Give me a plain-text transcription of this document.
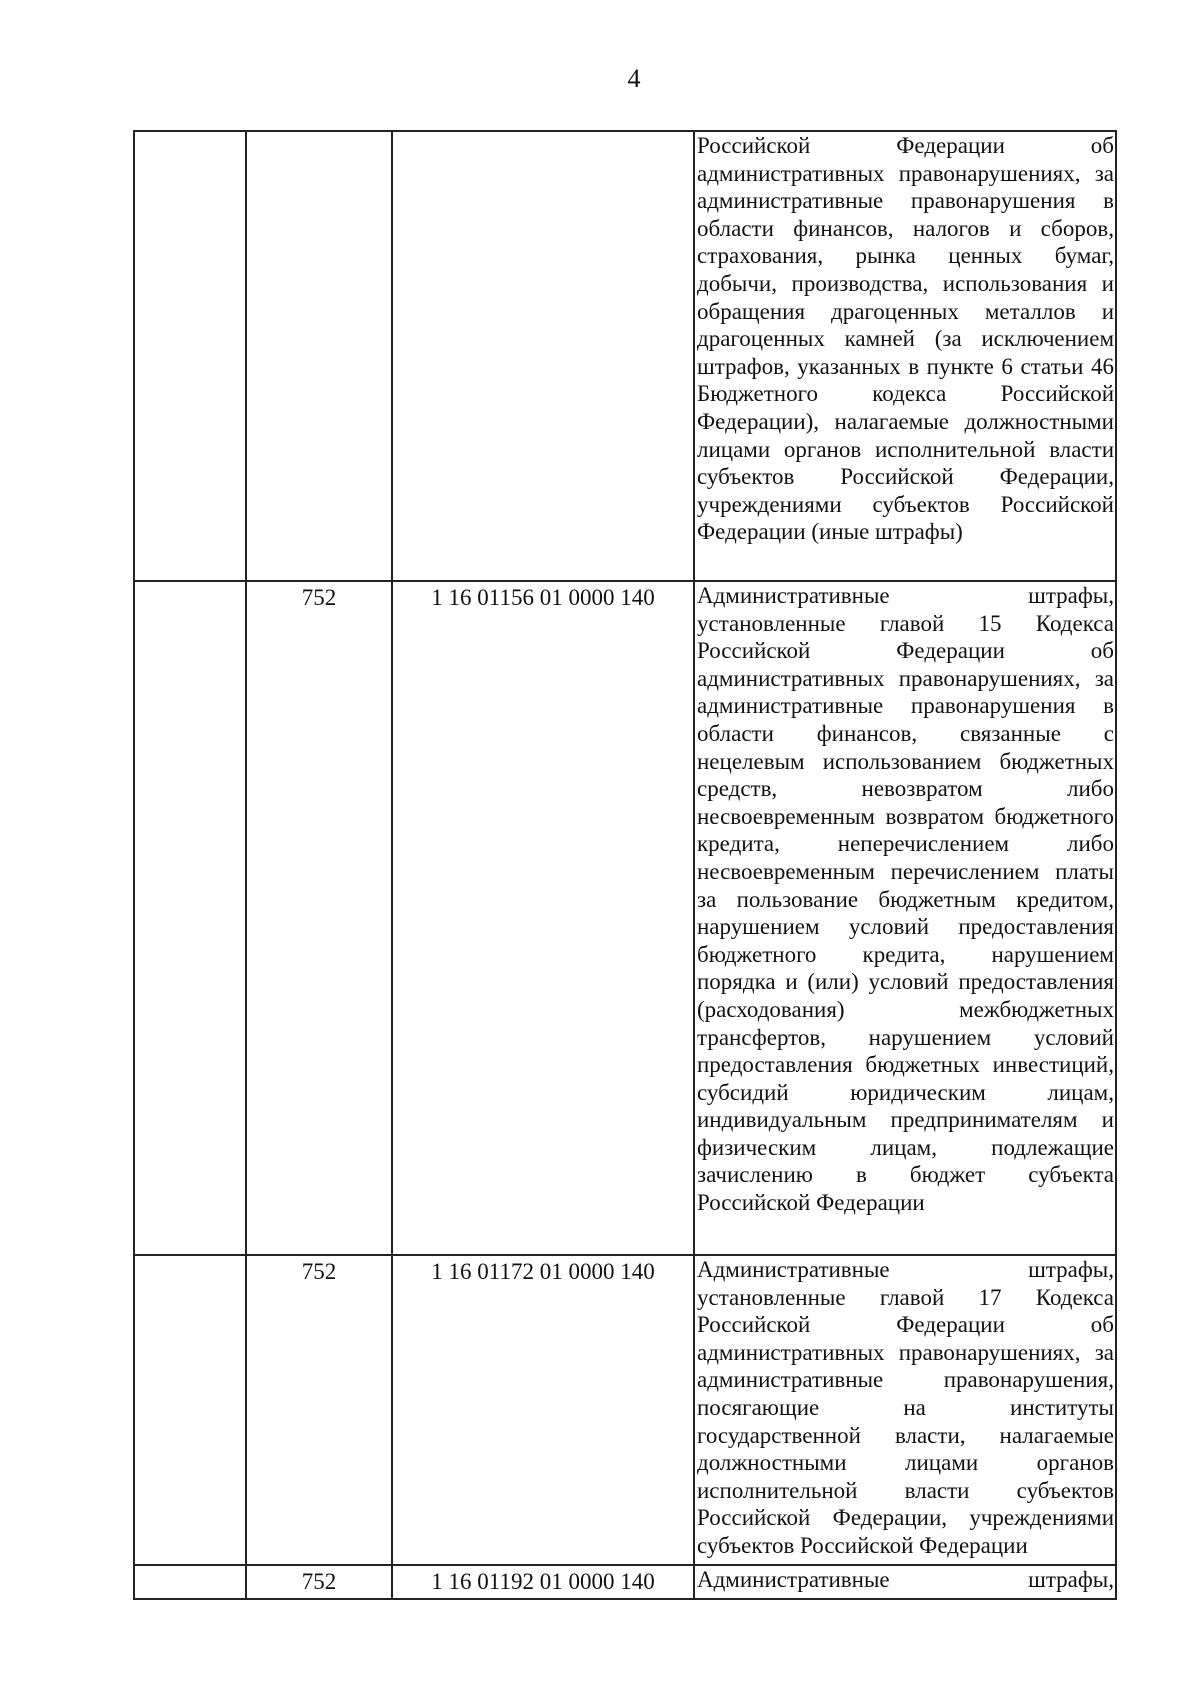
4
			Российской Федерации об административных правонарушениях, за административные правонарушения в области финансов, налогов и сборов, страхования, рынка ценных бумаг, добычи, производства, использования и обращения драгоценных металлов и драгоценных камней (за исключением штрафов, указанных в пункте 6 статьи 46 Бюджетного кодекса Российской Федерации), налагаемые должностными лицами органов исполнительной власти субъектов Российской Федерации, учреждениями субъектов Российской Федерации (иные штрафы)
	752	1 16 01156 01 0000 140	Административные штрафы, установленные главой 15 Кодекса Российской Федерации об административных правонарушениях, за административные правонарушения в области финансов, связанные с нецелевым использованием бюджетных средств, невозвратом либо несвоевременным возвратом бюджетного кредита, неперечислением либо несвоевременным перечислением платы за пользование бюджетным кредитом, нарушением условий предоставления бюджетного кредита, нарушением порядка и (или) условий предоставления (расходования) межбюджетных трансфертов, нарушением условий предоставления бюджетных инвестиций, субсидий юридическим лицам, индивидуальным предпринимателям и физическим лицам, подлежащие зачислению в бюджет субъекта Российской Федерации
	752	1 16 01172 01 0000 140	Административные штрафы, установленные главой 17 Кодекса Российской Федерации об административных правонарушениях, за административные правонарушения, посягающие на институты государственной власти, налагаемые должностными лицами органов исполнительной власти субъектов Российской Федерации, учреждениями субъектов Российской Федерации
	752	1 16 01192 01 0000 140	Административные штрафы,
